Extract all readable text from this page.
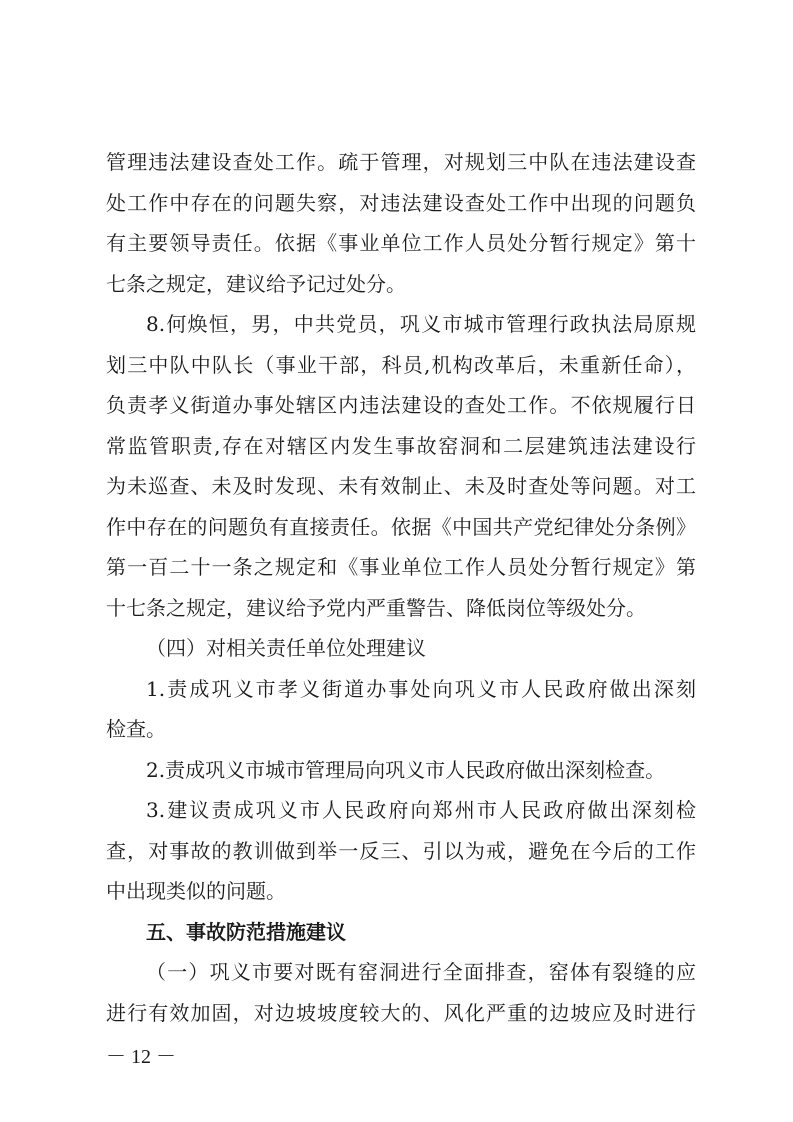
管理违法建设查处工作。疏于管理，对规划三中队在违法建设查
处工作中存在的问题失察，对违法建设查处工作中出现的问题负
有主要领导责任。依据《事业单位工作人员处分暂行规定》第十
七条之规定，建议给予记过处分。
8.何焕恒，男，中共党员，巩义市城市管理行政执法局原规
划三中队中队长（事业干部，科员,机构改革后，未重新任命），
负责孝义街道办事处辖区内违法建设的查处工作。不依规履行日
常监管职责,存在对辖区内发生事故窑洞和二层建筑违法建设行
为未巡查、未及时发现、未有效制止、未及时查处等问题。对工
作中存在的问题负有直接责任。依据《中国共产党纪律处分条例》
第一百二十一条之规定和《事业单位工作人员处分暂行规定》第
十七条之规定，建议给予党内严重警告、降低岗位等级处分。
（四）对相关责任单位处理建议
1.责成巩义市孝义街道办事处向巩义市人民政府做出深刻
检查。
2.责成巩义市城市管理局向巩义市人民政府做出深刻检查。
3.建议责成巩义市人民政府向郑州市人民政府做出深刻检
查，对事故的教训做到举一反三、引以为戒，避免在今后的工作
中出现类似的问题。
五、事故防范措施建议
（一）巩义市要对既有窑洞进行全面排查，窑体有裂缝的应
进行有效加固，对边坡坡度较大的、风化严重的边坡应及时进行
－ 12 －
